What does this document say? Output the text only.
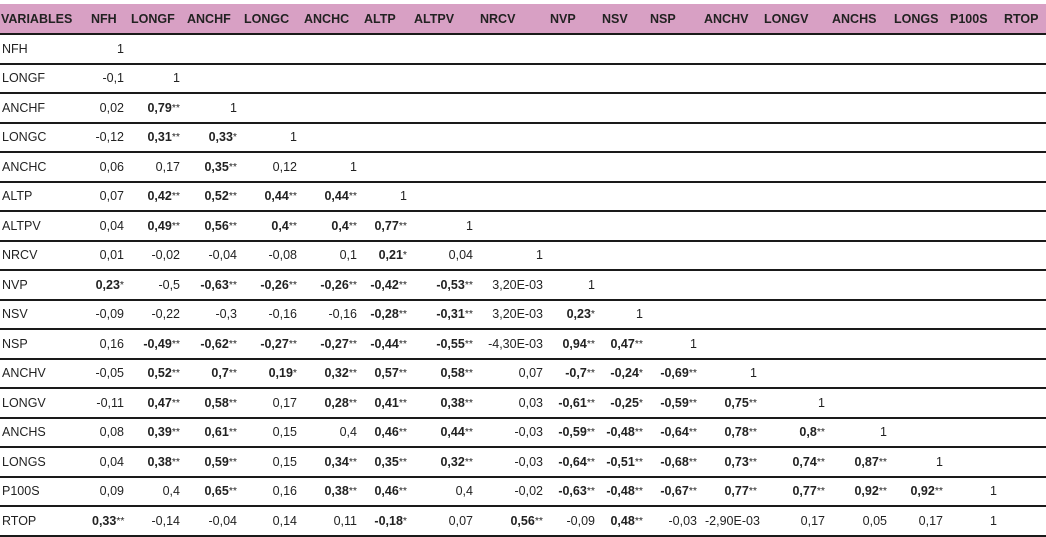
VARIABLES	NFH	LONGF	ANCHF	LONGC	ANCHC	ALTP	ALTPV	NRCV	NVP	NSV	NSP	ANCHV	LONGV	ANCHS	LONGS	P100S	RTOP
NFH	1																
LONGF	-0,1	1															
ANCHF	0,02	0,79**	1														
LONGC	-0,12	0,31**	0,33*	1													
ANCHC	0,06	0,17	0,35**	0,12	1												
ALTP	0,07	0,42**	0,52**	0,44**	0,44**	1											
ALTPV	0,04	0,49**	0,56**	0,4**	0,4**	0,77**	1										
NRCV	0,01	-0,02	-0,04	-0,08	0,1	0,21*	0,04	1									
NVP	0,23*	-0,5	-0,63**	-0,26**	-0,26**	-0,42**	-0,53**	3,20E-03	1								
NSV	-0,09	-0,22	-0,3	-0,16	-0,16	-0,28**	-0,31**	3,20E-03	0,23*	1							
NSP	0,16	-0,49**	-0,62**	-0,27**	-0,27**	-0,44**	-0,55**	-4,30E-03	0,94**	0,47**	1						
ANCHV	-0,05	0,52**	0,7**	0,19*	0,32**	0,57**	0,58**	0,07	-0,7**	-0,24*	-0,69**	1					
LONGV	-0,11	0,47**	0,58**	0,17	0,28**	0,41**	0,38**	0,03	-0,61**	-0,25*	-0,59**	0,75**	1				
ANCHS	0,08	0,39**	0,61**	0,15	0,4	0,46**	0,44**	-0,03	-0,59**	-0,48**	-0,64**	0,78**	0,8**	1			
LONGS	0,04	0,38**	0,59**	0,15	0,34**	0,35**	0,32**	-0,03	-0,64**	-0,51**	-0,68**	0,73**	0,74**	0,87**	1		
P100S	0,09	0,4	0,65**	0,16	0,38**	0,46**	0,4	-0,02	-0,63**	-0,48**	-0,67**	0,77**	0,77**	0,92**	0,92**	1	
RTOP	0,33**	-0,14	-0,04	0,14	0,11	-0,18*	0,07	0,56**	-0,09	0,48**	-0,03	-2,90E-03	0,17	0,05	0,17	1	
